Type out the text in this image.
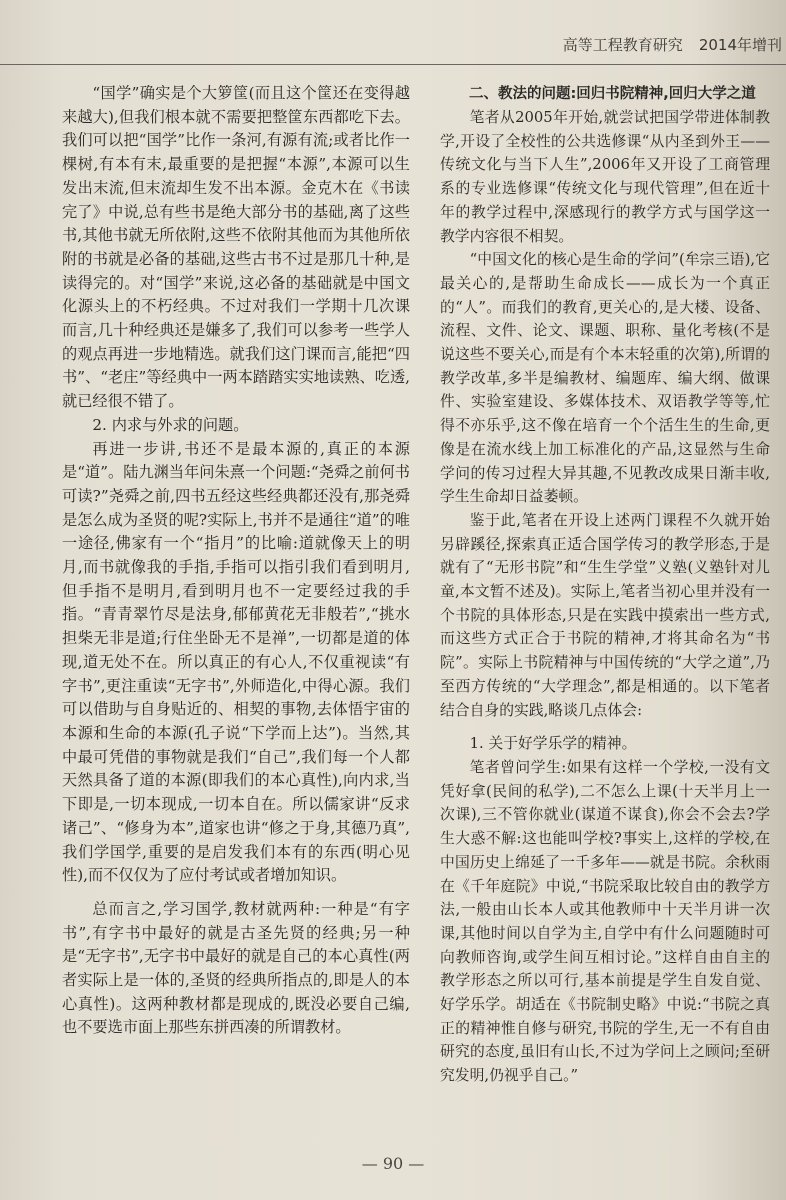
高等工程教育研究 2014年增刊

“国学”确实是个大箩筐(而且这个筐还在变得越来越大),但我们根本就不需要把整筐东西都吃下去。我们可以把“国学”比作一条河,有源有流;或者比作一棵树,有本有末,最重要的是把握“本源”,本源可以生发出末流,但末流却生发不出本源。金克木在《书读完了》中说,总有些书是绝大部分书的基础,离了这些书,其他书就无所依附,这些不依附其他而为其他所依附的书就是必备的基础,这些古书不过是那几十种,是读得完的。对“国学”来说,这必备的基础就是中国文化源头上的不朽经典。不过对我们一学期十几次课而言,几十种经典还是嫌多了,我们可以参考一些学人的观点再进一步地精选。就我们这门课而言,能把“四书”、“老庄”等经典中一两本踏踏实实地读熟、吃透,就已经很不错了。

2. 内求与外求的问题。

再进一步讲,书还不是最本源的,真正的本源是“道”。陆九渊当年问朱熹一个问题:“尧舜之前何书可读?”尧舜之前,四书五经这些经典都还没有,那尧舜是怎么成为圣贤的呢?实际上,书并不是通往“道”的唯一途径,佛家有一个“指月”的比喻:道就像天上的明月,而书就像我的手指,手指可以指引我们看到明月,但手指不是明月,看到明月也不一定要经过我的手指。“青青翠竹尽是法身,郁郁黄花无非般若”,“挑水担柴无非是道;行住坐卧无不是禅”,一切都是道的体现,道无处不在。所以真正的有心人,不仅重视读“有字书”,更注重读“无字书”,外师造化,中得心源。我们可以借助与自身贴近的、相契的事物,去体悟宇宙的本源和生命的本源(孔子说“下学而上达”)。当然,其中最可凭借的事物就是我们“自己”,我们每一个人都天然具备了道的本源(即我们的本心真性),向内求,当下即是,一切本现成,一切本自在。所以儒家讲“反求诸己”、“修身为本”,道家也讲“修之于身,其德乃真”,我们学国学,重要的是启发我们本有的东西(明心见性),而不仅仅为了应付考试或者增加知识。

总而言之,学习国学,教材就两种:一种是“有字书”,有字书中最好的就是古圣先贤的经典;另一种是“无字书”,无字书中最好的就是自己的本心真性(两者实际上是一体的,圣贤的经典所指点的,即是人的本心真性)。这两种教材都是现成的,既没必要自己编,也不要选市面上那些东拼西凑的所谓教材。

二、教法的问题:回归书院精神,回归大学之道

笔者从2005年开始,就尝试把国学带进体制教学,开设了全校性的公共选修课“从内圣到外王——传统文化与当下人生”,2006年又开设了工商管理系的专业选修课“传统文化与现代管理”,但在近十年的教学过程中,深感现行的教学方式与国学这一教学内容很不相契。

“中国文化的核心是生命的学问”(牟宗三语),它最关心的,是帮助生命成长——成长为一个真正的“人”。而我们的教育,更关心的,是大楼、设备、流程、文件、论文、课题、职称、量化考核(不是说这些不要关心,而是有个本末轻重的次第),所谓的教学改革,多半是编教材、编题库、编大纲、做课件、实验室建设、多媒体技术、双语教学等等,忙得不亦乐乎,这不像在培育一个个活生生的生命,更像是在流水线上加工标准化的产品,这显然与生命学问的传习过程大异其趣,不见教改成果日渐丰收,学生生命却日益萎顿。

鉴于此,笔者在开设上述两门课程不久就开始另辟蹊径,探索真正适合国学传习的教学形态,于是就有了“无形书院”和“生生学堂”义塾(义塾针对儿童,本文暂不述及)。实际上,笔者当初心里并没有一个书院的具体形态,只是在实践中摸索出一些方式,而这些方式正合于书院的精神,才将其命名为“书院”。实际上书院精神与中国传统的“大学之道”,乃至西方传统的“大学理念”,都是相通的。以下笔者结合自身的实践,略谈几点体会:

1. 关于好学乐学的精神。

笔者曾问学生:如果有这样一个学校,一没有文凭好拿(民间的私学),二不怎么上课(十天半月上一次课),三不管你就业(谋道不谋食),你会不会去?学生大惑不解:这也能叫学校?事实上,这样的学校,在中国历史上绵延了一千多年——就是书院。余秋雨在《千年庭院》中说,“书院采取比较自由的教学方法,一般由山长本人或其他教师中十天半月讲一次课,其他时间以自学为主,自学中有什么问题随时可向教师咨询,或学生间互相讨论。”这样自由自主的教学形态之所以可行,基本前提是学生自发自觉、好学乐学。胡适在《书院制史略》中说:“书院之真正的精神惟自修与研究,书院的学生,无一不有自由研究的态度,虽旧有山长,不过为学问上之顾问;至研究发明,仍视乎自己。”

— 90 —
